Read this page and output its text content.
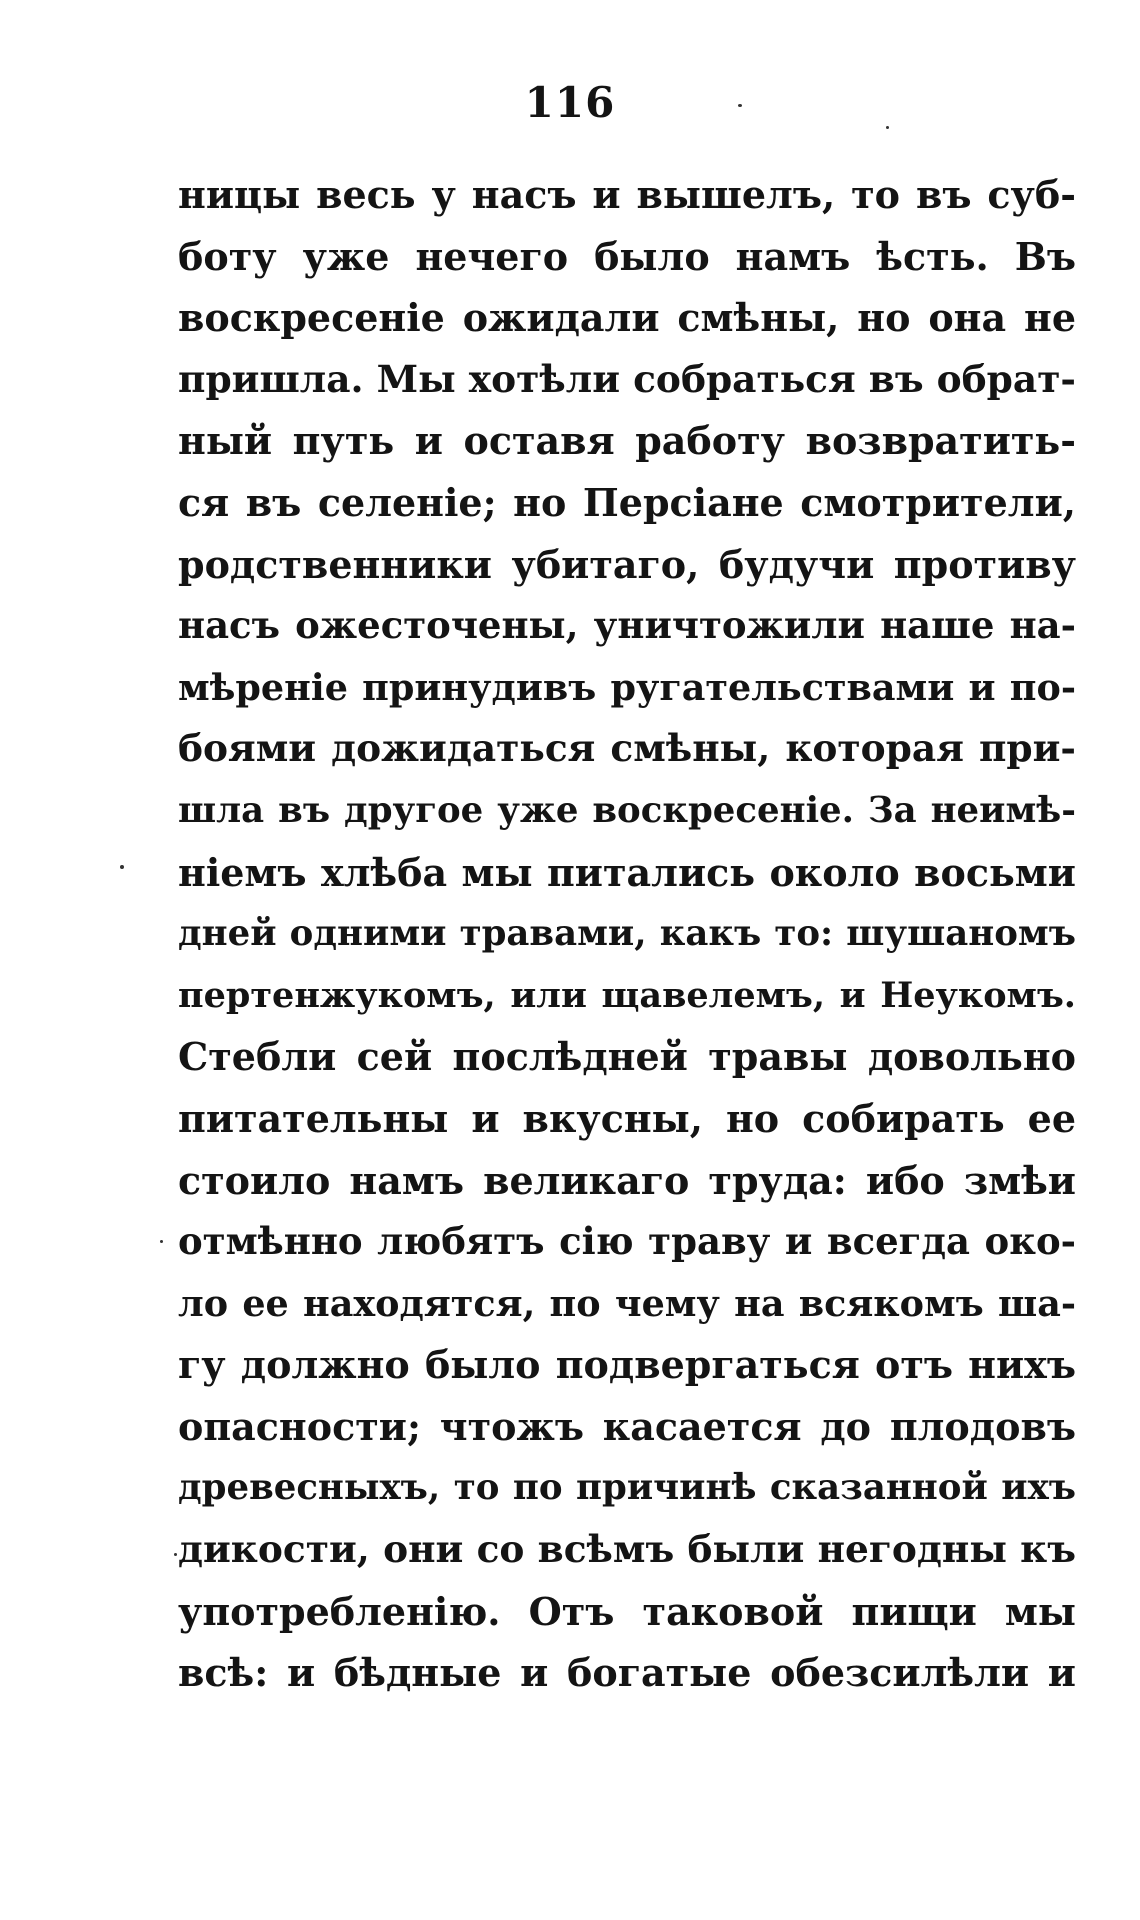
116
ницы весь у насъ и вышелъ, то въ суб-
боту уже нечего было намъ ѣсть. Въ
воскресеніе ожидали смѣны, но она не
пришла. Мы хотѣли собраться въ обрат-
ный путь и оставя работу возвратить-
ся въ селеніе; но Персіане смотрители,
родственники убитаго, будучи противу
насъ ожесточены, уничтожили наше на-
мѣреніе принудивъ ругательствами и по-
боями дожидаться смѣны, которая при-
шла въ другое уже воскресеніе. За неимѣ-
ніемъ хлѣба мы питались около восьми
дней одними травами, какъ то: шушаномъ
пертенжукомъ, или щавелемъ, и Неукомъ.
Стебли сей послѣдней травы довольно
питательны и вкусны, но собирать ее
стоило намъ великаго труда: ибо змѣи
отмѣнно любятъ сію траву и всегда око-
ло ее находятся, по чему на всякомъ ша-
гу должно было подвергаться отъ нихъ
опасности; чтожъ касается до плодовъ
древесныхъ, то по причинѣ сказанной ихъ
дикости, они со всѣмъ были негодны къ
употребленію. Отъ таковой пищи мы
всѣ: и бѣдные и богатые обезсилѣли и
